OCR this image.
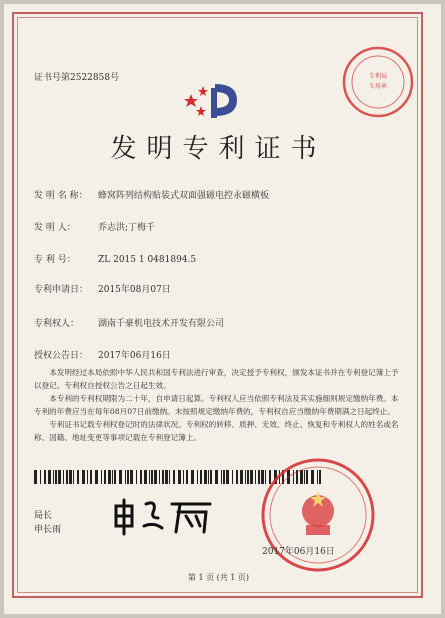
证书号第2522858号	专利局
专用章
发明专利证书
发 明 名 称： 蜂窝阵列结构贴装式双面强磁电控永磁横板
发 明 人： 乔志洪;丁梅千
专 利 号： ZL 2015 1 0481894.5
专利申请日： 2015年08月07日
专利权人： 湖南千豪机电技术开发有限公司
授权公告日： 2017年06月16日

本发明经过本局依照中华人民共和国专利法进行审查，决定授予专利权，颁发本证书并在专利登记簿上予以登记。专利权自授权公告之日起生效。

本专利的专利权期限为二十年，自申请日起算。专利权人应当依照专利法及其实施细则规定缴纳年费。本专利的年费应当在每年08月07日前缴纳。未按照规定缴纳年费的，专利权自应当缴纳年费期满之日起终止。

专利证书记载专利权登记时的法律状况。专利权的转移、质押、无效、终止、恢复和专利权人的姓名或名称、国籍、地址变更等事项记载在专利登记簿上。

局长
申长雨
2017年06月16日
第 1 页 (共 1 页)
